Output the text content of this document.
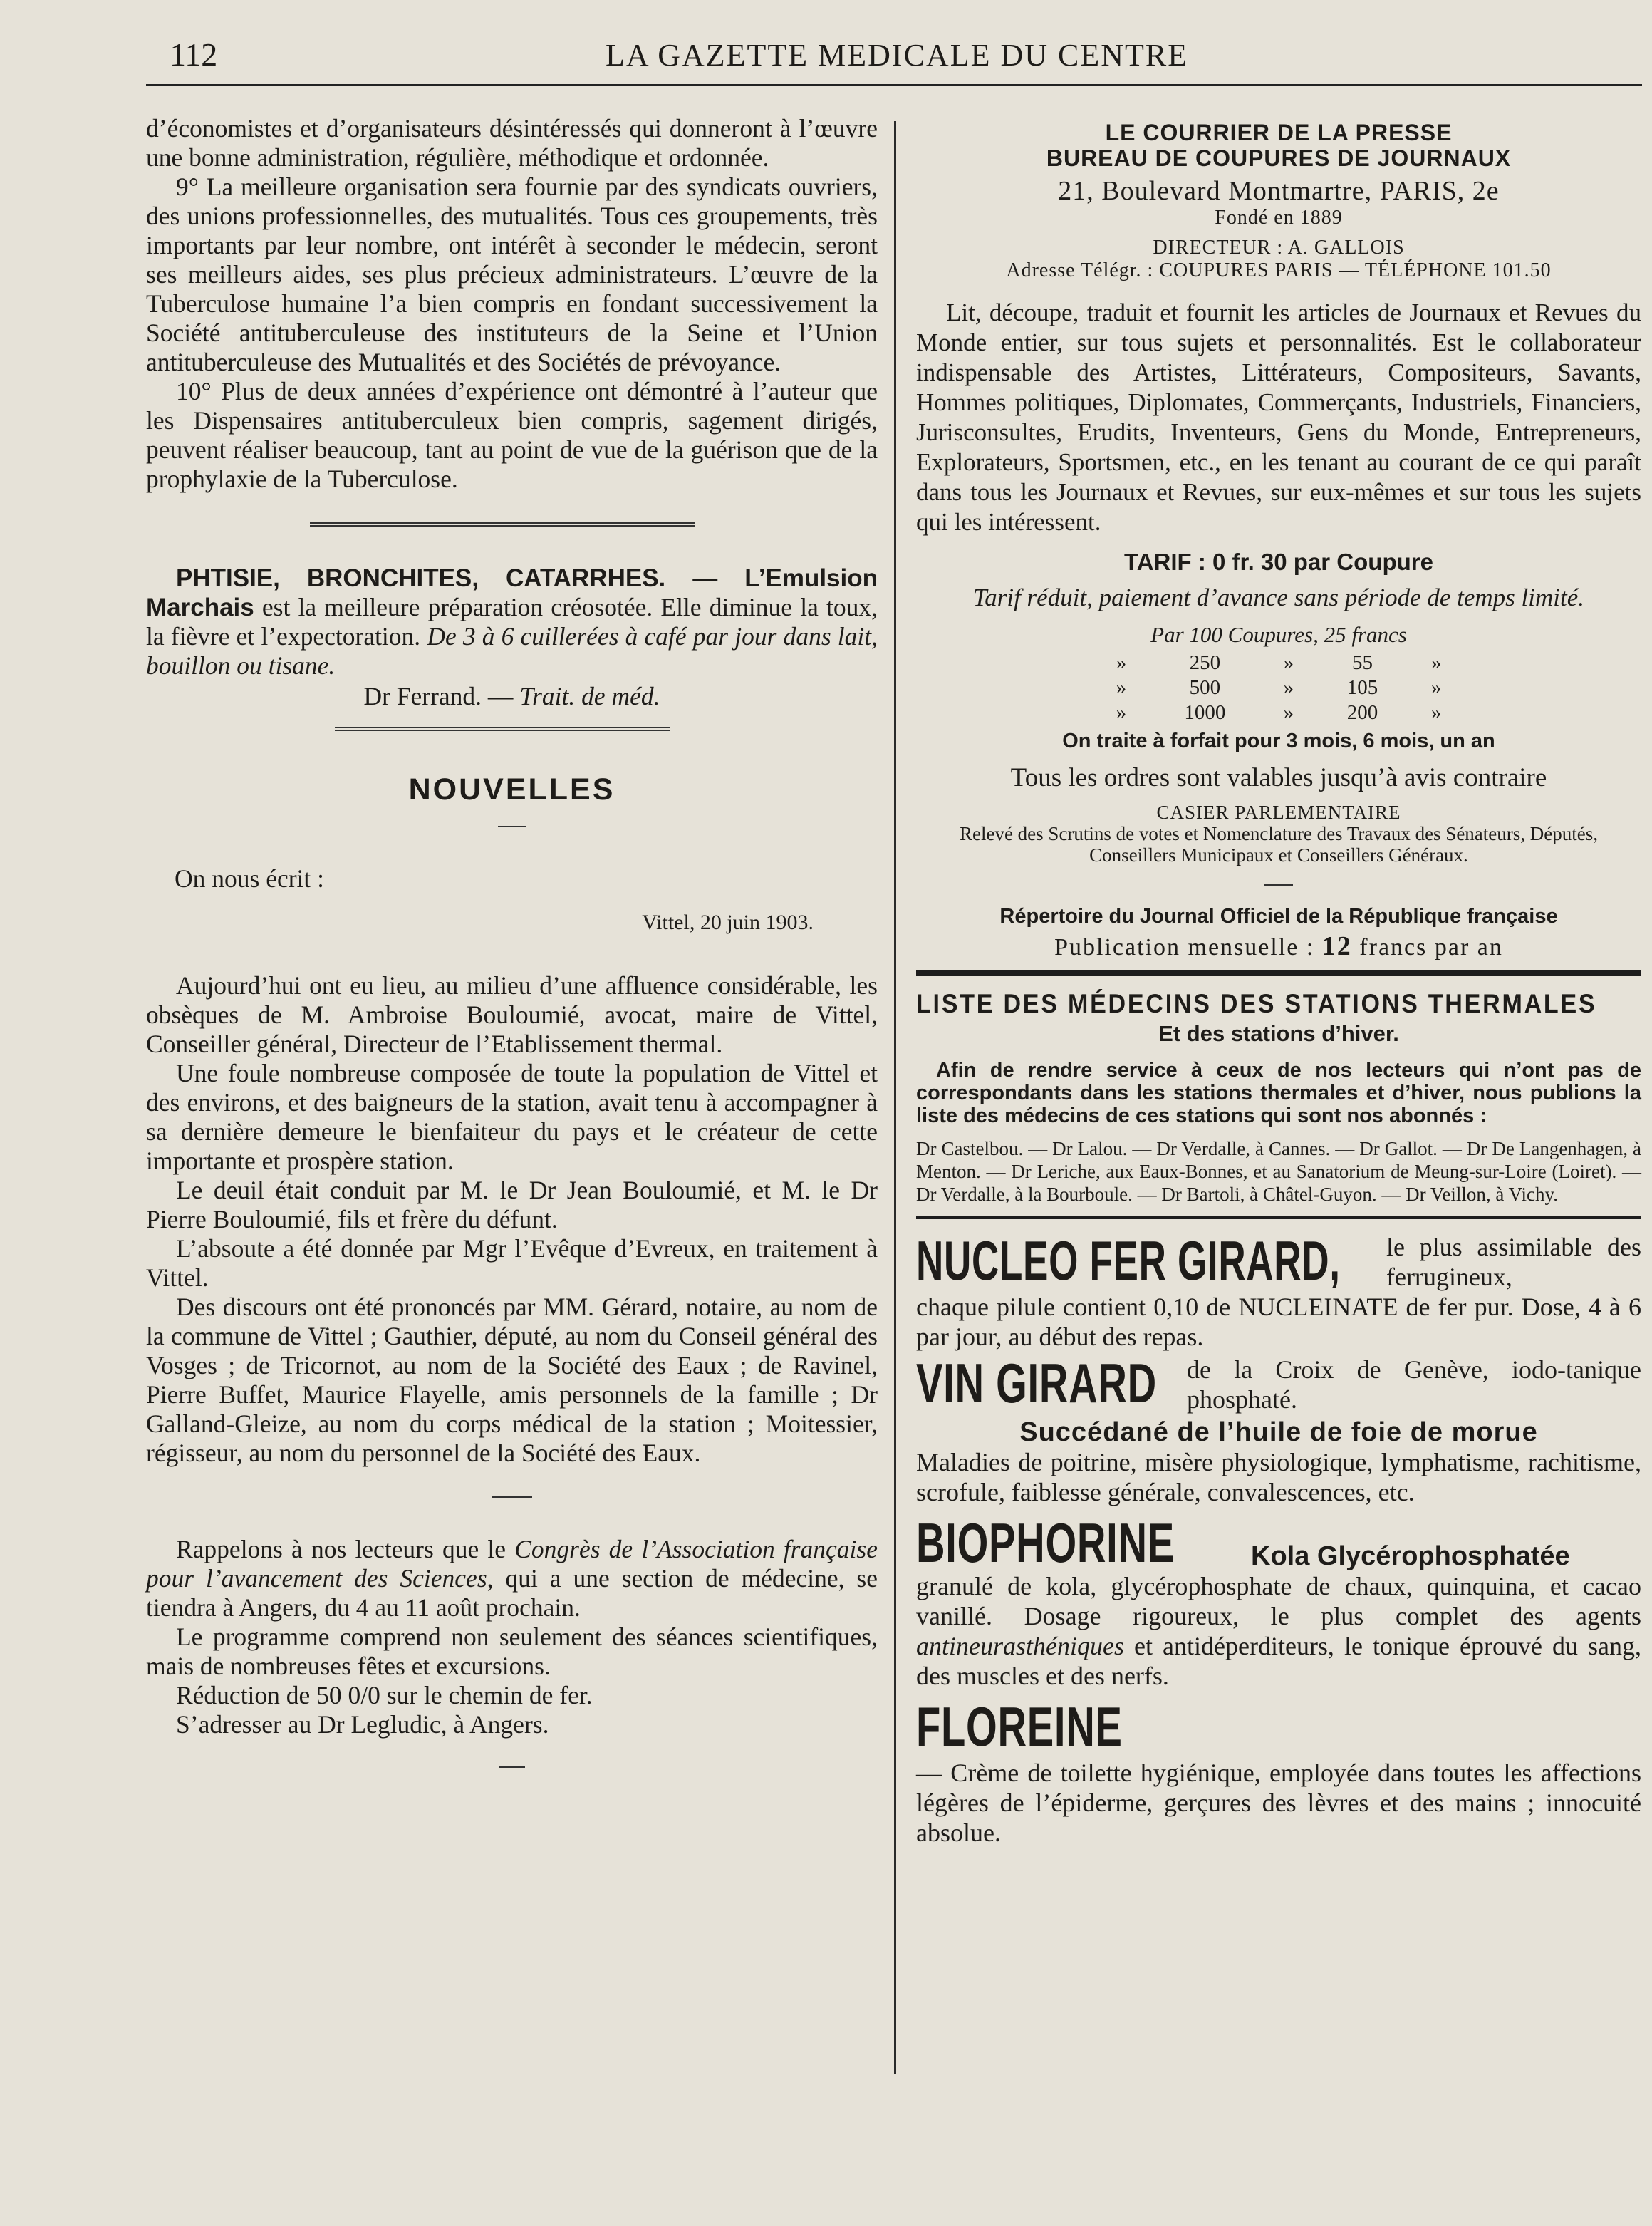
112	LA GAZETTE MEDICALE DU CENTRE

d’économistes et d’organisateurs désintéressés qui donneront à l’œuvre une bonne administration, régulière, méthodique et ordonnée.

9° La meilleure organisation sera fournie par des syndicats ouvriers, des unions professionnelles, des mutualités. Tous ces groupements, très importants par leur nombre, ont intérêt à seconder le médecin, seront ses meilleurs aides, ses plus précieux administrateurs. L’œuvre de la Tuberculose humaine l’a bien compris en fondant successivement la Société antituberculeuse des instituteurs de la Seine et l’Union antituberculeuse des Mutualités et des Sociétés de prévoyance.

10° Plus de deux années d’expérience ont démontré à l’auteur que les Dispensaires antituberculeux bien compris, sagement dirigés, peuvent réaliser beaucoup, tant au point de vue de la guérison que de la prophylaxie de la Tuberculose.

PHTISIE, BRONCHITES, CATARRHES. — L’Emulsion Marchais est la meilleure préparation créosotée. Elle diminue la toux, la fièvre et l’expectoration. De 3 à 6 cuillerées à café par jour dans lait, bouillon ou tisane.

Dr Ferrand. — Trait. de méd.

NOUVELLES

On nous écrit :

Vittel, 20 juin 1903.

Aujourd’hui ont eu lieu, au milieu d’une affluence considérable, les obsèques de M. Ambroise Bouloumié, avocat, maire de Vittel, Conseiller général, Directeur de l’Etablissement thermal.

Une foule nombreuse composée de toute la population de Vittel et des environs, et des baigneurs de la station, avait tenu à accompagner à sa dernière demeure le bienfaiteur du pays et le créateur de cette importante et prospère station.

Le deuil était conduit par M. le Dr Jean Bouloumié, et M. le Dr Pierre Bouloumié, fils et frère du défunt.

L’absoute a été donnée par Mgr l’Evêque d’Evreux, en traitement à Vittel.

Des discours ont été prononcés par MM. Gérard, notaire, au nom de la commune de Vittel ; Gauthier, député, au nom du Conseil général des Vosges ; de Tricornot, au nom de la Société des Eaux ; de Ravinel, Pierre Buffet, Maurice Flayelle, amis personnels de la famille ; Dr Galland-Gleize, au nom du corps médical de la station ; Moitessier, régisseur, au nom du personnel de la Société des Eaux.

Rappelons à nos lecteurs que le Congrès de l’Association française pour l’avancement des Sciences, qui a une section de médecine, se tiendra à Angers, du 4 au 11 août prochain.

Le programme comprend non seulement des séances scientifiques, mais de nombreuses fêtes et excursions.

Réduction de 50 0/0 sur le chemin de fer.

S’adresser au Dr Legludic, à Angers.

LE COURRIER DE LA PRESSE
BUREAU DE COUPURES DE JOURNAUX
21, Boulevard Montmartre, PARIS, 2e
Fondé en 1889
DIRECTEUR : A. GALLOIS
Adresse Télégr. : COUPURES PARIS — TÉLÉPHONE 101.50

Lit, découpe, traduit et fournit les articles de Journaux et Revues du Monde entier, sur tous sujets et personnalités. Est le collaborateur indispensable des Artistes, Littérateurs, Compositeurs, Savants, Hommes politiques, Diplomates, Commerçants, Industriels, Financiers, Jurisconsultes, Erudits, Inventeurs, Gens du Monde, Entrepreneurs, Explorateurs, Sportsmen, etc., en les tenant au courant de ce qui paraît dans tous les Journaux et Revues, sur eux-mêmes et sur tous les sujets qui les intéressent.

TARIF : 0 fr. 30 par Coupure
Tarif réduit, paiement d’avance sans période de temps limité.
Par 100 Coupures, 25 francs
»	250	»	55	»
»	500	»	105	»
»	1000	»	200	»
On traite à forfait pour 3 mois, 6 mois, un an
Tous les ordres sont valables jusqu’à avis contraire
CASIER PARLEMENTAIRE
Relevé des Scrutins de votes et Nomenclature des Travaux des Sénateurs, Députés, Conseillers Municipaux et Conseillers Généraux.
Répertoire du Journal Officiel de la République française
Publication mensuelle : 12 francs par an
LISTE DES MÉDECINS DES STATIONS THERMALES
Et des stations d’hiver.

Afin de rendre service à ceux de nos lecteurs qui n’ont pas de correspondants dans les stations thermales et d’hiver, nous publions la liste des médecins de ces stations qui sont nos abonnés :

Dr Castelbou. — Dr Lalou. — Dr Verdalle, à Cannes. — Dr Gallot. — Dr De Langenhagen, à Menton. — Dr Leriche, aux Eaux-Bonnes, et au Sanatorium de Meung-sur-Loire (Loiret). — Dr Verdalle, à la Bourboule. — Dr Bartoli, à Châtel-Guyon. — Dr Veillon, à Vichy.

NUCLEO FER GIRARD,	le plus assimilable des ferrugineux,

chaque pilule contient 0,10 de NUCLEINATE de fer pur. Dose, 4 à 6 par jour, au début des repas.

VIN GIRARD	de la Croix de Genève, iodo-tanique phosphaté.
Succédané de l’huile de foie de morue

Maladies de poitrine, misère physiologique, lymphatisme, rachitisme, scrofule, faiblesse générale, convalescences, etc.

BIOPHORINE	Kola Glycérophosphatée

granulé de kola, glycérophosphate de chaux, quinquina, et cacao vanillé. Dosage rigoureux, le plus complet des agents antineurasthéniques et antidéperditeurs, le tonique éprouvé du sang, des muscles et des nerfs.

FLOREINE

— Crème de toilette hygiénique, employée dans toutes les affections légères de l’épiderme, gerçures des lèvres et des mains ; innocuité absolue.
